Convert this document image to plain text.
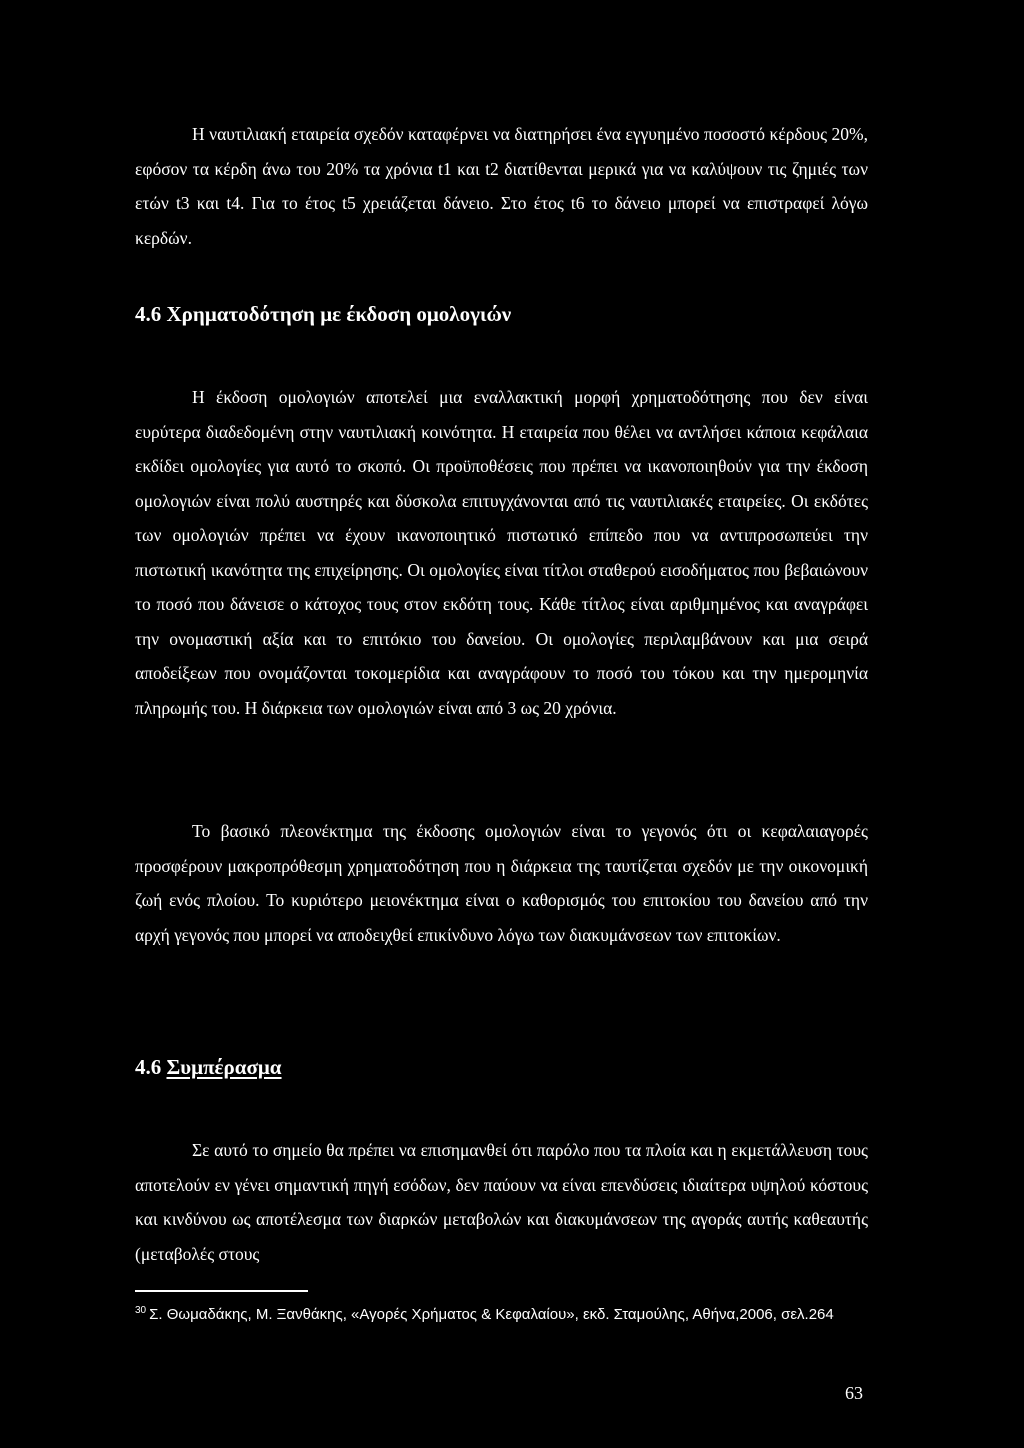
Η ναυτιλιακή εταιρεία σχεδόν καταφέρνει να διατηρήσει ένα εγγυημένο ποσοστό κέρδους 20%, εφόσον τα κέρδη άνω του 20% τα χρόνια t1 και t2 διατίθενται μερικά για να καλύψουν τις ζημιές των ετών t3 και t4. Για το έτος t5 χρειάζεται δάνειο. Στο έτος t6 το δάνειο μπορεί να επιστραφεί λόγω κερδών.

4.6 Χρηματοδότηση με έκδοση ομολογιών

Η έκδοση ομολογιών αποτελεί μια εναλλακτική μορφή χρηματοδότησης που δεν είναι ευρύτερα διαδεδομένη στην ναυτιλιακή κοινότητα. Η εταιρεία που θέλει να αντλήσει κάποια κεφάλαια εκδίδει ομολογίες για αυτό το σκοπό. Οι προϋποθέσεις που πρέπει να ικανοποιηθούν για την έκδοση ομολογιών είναι πολύ αυστηρές και δύσκολα επιτυγχάνονται από τις ναυτιλιακές εταιρείες. Οι εκδότες των ομολογιών πρέπει να έχουν ικανοποιητικό πιστωτικό επίπεδο που να αντιπροσωπεύει την πιστωτική ικανότητα της επιχείρησης. Οι ομολογίες είναι τίτλοι σταθερού εισοδήματος που βεβαιώνουν το ποσό που δάνεισε ο κάτοχος τους στον εκδότη τους. Κάθε τίτλος είναι αριθμημένος και αναγράφει την ονομαστική αξία και το επιτόκιο του δανείου. Οι ομολογίες περιλαμβάνουν και μια σειρά αποδείξεων που ονομάζονται τοκομερίδια και αναγράφουν το ποσό του τόκου και την ημερομηνία πληρωμής του. Η διάρκεια των ομολογιών είναι από 3 ως 20 χρόνια.

Το βασικό πλεονέκτημα της έκδοσης ομολογιών είναι το γεγονός ότι οι κεφαλαιαγορές προσφέρουν μακροπρόθεσμη χρηματοδότηση που η διάρκεια της ταυτίζεται σχεδόν με την οικονομική ζωή ενός πλοίου. Το κυριότερο μειονέκτημα είναι ο καθορισμός του επιτοκίου του δανείου από την αρχή γεγονός που μπορεί να αποδειχθεί επικίνδυνο λόγω των διακυμάνσεων των επιτοκίων.

4.6 Συμπέρασμα

Σε αυτό το σημείο θα πρέπει να επισημανθεί ότι παρόλο που τα πλοία και η εκμετάλλευση τους αποτελούν εν γένει σημαντική πηγή εσόδων, δεν παύουν να είναι επενδύσεις ιδιαίτερα υψηλού κόστους και κινδύνου ως αποτέλεσμα των διαρκών μεταβολών και διακυμάνσεων της αγοράς αυτής καθεαυτής (μεταβολές στους

$^{30}$ Σ. Θωμαδάκης, Μ. Ξανθάκης, «Αγορές Χρήματος & Κεφαλαίου», εκδ. Σταμούλης, Αθήνα,2006, σελ.264

63
